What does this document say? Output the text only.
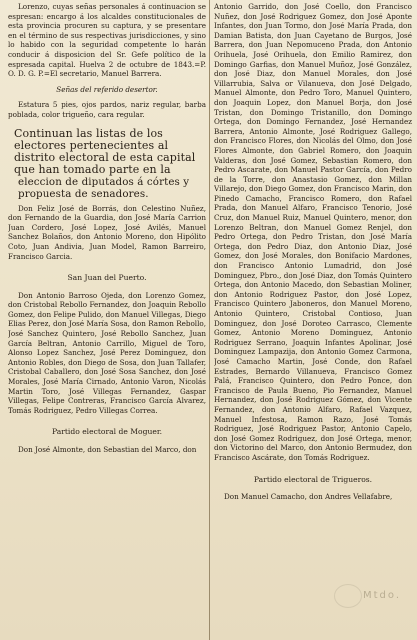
Lorenzo, cuyas señas personales á continuacion se espresan: encargo á los alcaldes constitucionales de esta provincia procuren su captura, y se presentare en el término de sus respectivas jurisdicciones, y sino lo habido con la seguridad competente lo harán conducir á disposicion del Sr. Gefe político de la espresada capital. Huelva 2 de octubre de 1843.=P. O. D. G. P.=El secretario, Manuel Barrera.

Señas del referido desertor.

Estatura 5 pies, ojos pardos, nariz regular, barba poblada, color trigueño, cara regular.

Continuan las listas de los electores pertenecientes al distrito electoral de esta capital que han tomado parte en la
eleccion de diputados á córtes y propuesta de senadores.

Don Feliz José de Borrás, don Celestino Nuñez, don Fernando de la Guardia, don José María Carrion Juan Cordero, José Lopez, José Avilés, Manuel Sanchez Bolaños, don Antonio Moreno, don Hipólito Coto, Juan Andivia, Juan Model, Ramon Barreiro, Francisco Garcia.

San Juan del Puerto.

Don Antonio Barroso Ojeda, don Lorenzo Gomez, don Cristobal Rebollo Fernandez, don Joaquin Rebollo Gomez, don Felipe Pulido, don Manuel Villegas, Diego Elias Perez, don José María Sosa, don Ramon Rebollo, José Sanchez Quintero, José Rebollo Sanchez, Juan García Beltran, Antonio Carrillo, Miguel de Toro, Alonso Lopez Sanchez, José Perez Dominguez, don Antonio Robles, don Diego de Sosa, don Juan Tallafer, Cristobal Caballero, don José Sosa Sanchez, don José Morales, José María Cirnado, Antonio Varon, Nicolás Martin Toro, José Villegas Fernandez, Gaspar Villegas, Felipe Contreras, Francisco García Alvarez, Tomás Rodriguez, Pedro Villegas Correa.

Partido electoral de Moguer.

Don José Almonte, don Sebastian del Marco, don

Antonio Garrido, don José Coello, don Francisco Nuñez, don José Rodriguez Gomez, don José Aponte Infantes, don Juan Tormo, don José María Prada, don Damian Batista, don Juan Cayetano de Burgos, José Barrera, don Juan Nepomuceno Prada, don Antonio Orihuela, José Orihuela, don Emilio Ramirez, don Domingo Garfias, don Manuel Muñoz, José González, don José Diaz, don Manuel Morales, don José Villarrubia, Salva or Vilanueva, don José Delgado, Manuel Almonte, don Pedro Toro, Manuel Quintero, don Joaquin Lopez, don Manuel Borja, don José Tristan, don Domingo Tristanillo, don Domingo Ortega, don Domingo Fernandez, José Hernandez Barrera, Antonio Almonte, José Rodriguez Gallego, don Francisco Flores, don Nicolás del Olmo, don José Flores Almonte, don Gabriel Romero, don Joaquin Valderas, don José Gomez, Sebastian Romero, don Pedro Ascarate, don Manuel Pastor García, don Pedro de la Torre, don Anastasio Gomez, don Millan Villarejo, don Diego Gomez, don Francisco Marin, don Pinedo Camacho, Francisco Romero, don Rafael Prada, don Manuel Alfaro, Francisco Tenorio, José Cruz, don Manuel Ruiz, Manuel Quintero, menor, don Lorenzo Beltran, don Manuel Gomez Renjel, don Pedro Ortega, don Pedro Tristan, don José María Ortega, don Pedro Diaz, don Antonio Diaz, José Gomez, don José Morales, don Bonifacio Mardones, don Francisco Antonio Lumadrid, don José Dominguez, Pbro., don José Diaz, don Tomás Quintero Ortega, don Antonio Macedo, don Sebastian Moliner, don Antonio Rodriguez Pastor, don José Lopez, Francisco Quintero Jaboneros, don Manuel Moreno, Antonio Quintero, Cristobal Contioso, Juan Dominguez, don José Doroteo Carrasco, Clemente Gomez, Antonio Moreno Dominguez, Antonio Rodriguez Serrano, Joaquin Infantes Apolinar, José Dominguez Lampazija, don Antonio Gomez Carmona, José Camacho Martin, José Conde, don Rafael Estrades, Bernardo Villanueva, Francisco Gomez Palá, Francisco Quintero, don Pedro Ponce, don Francisco de Paula Bueno, Pio Fernandez, Manuel Hernandez, don José Rodriguez Gómez, don Vicente Fernandez, don Antonio Alfaro, Rafael Vazquez, Manuel Infestosa, Ramon Razo, José Tomás Rodriguez, José Rodriguez Pastor, Antonio Capelo, don José Gomez Rodriguez, don José Ortega, menor, don Victorino del Marco, don Antonio Bermudez, don Francisco Ascárate, don Tomás Rodriguez.

Partido electoral de Trigueros.

Don Manuel Camacho, don Andres Vellafabre,

Mtdo.
